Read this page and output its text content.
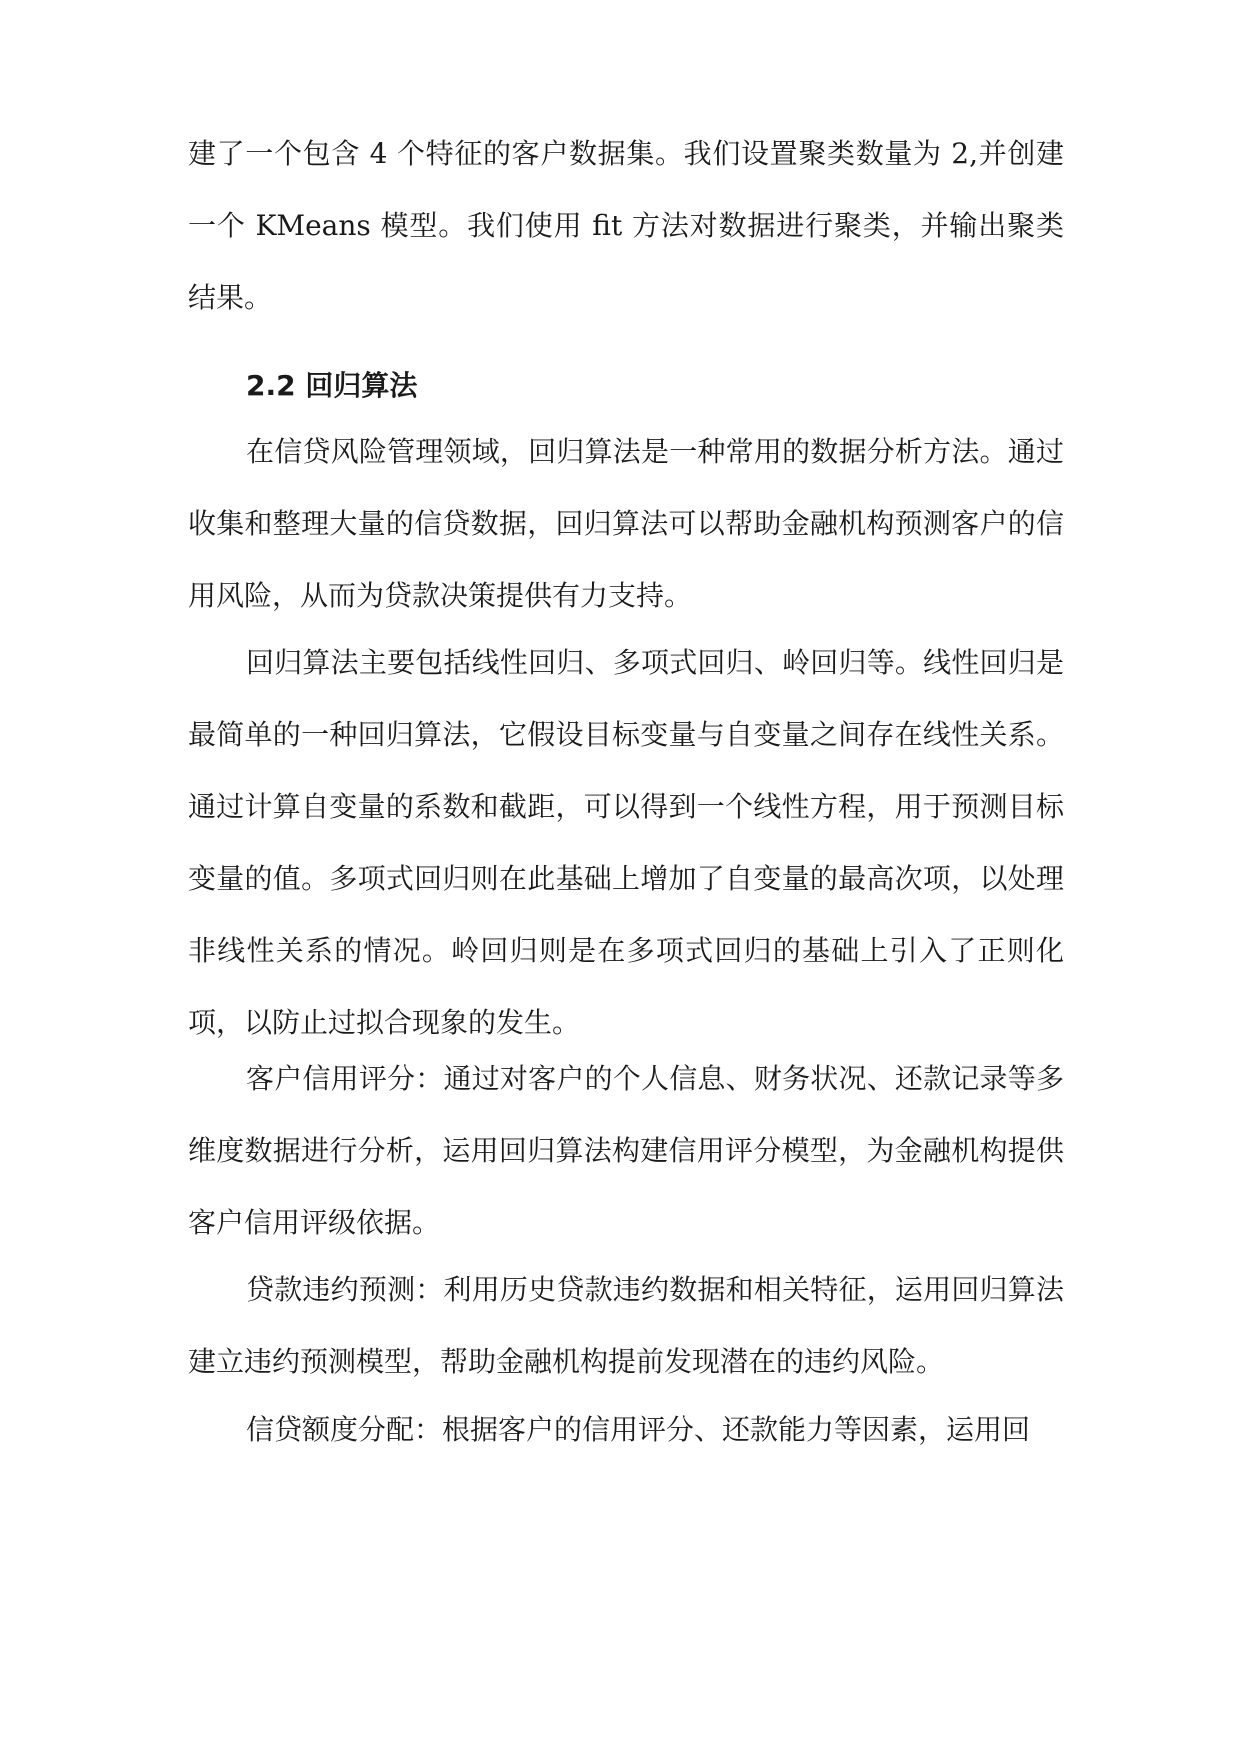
建了一个包含 4 个特征的客户数据集。我们设置聚类数量为 2,并创建一个 KMeans 模型。我们使用 fit 方法对数据进行聚类，并输出聚类结果。

2.2 回归算法

在信贷风险管理领域，回归算法是一种常用的数据分析方法。通过收集和整理大量的信贷数据，回归算法可以帮助金融机构预测客户的信用风险，从而为贷款决策提供有力支持。

回归算法主要包括线性回归、多项式回归、岭回归等。线性回归是最简单的一种回归算法，它假设目标变量与自变量之间存在线性关系。通过计算自变量的系数和截距，可以得到一个线性方程，用于预测目标变量的值。多项式回归则在此基础上增加了自变量的最高次项，以处理非线性关系的情况。岭回归则是在多项式回归的基础上引入了正则化项，以防止过拟合现象的发生。

客户信用评分：通过对客户的个人信息、财务状况、还款记录等多维度数据进行分析，运用回归算法构建信用评分模型，为金融机构提供客户信用评级依据。

贷款违约预测：利用历史贷款违约数据和相关特征，运用回归算法建立违约预测模型，帮助金融机构提前发现潜在的违约风险。

信贷额度分配：根据客户的信用评分、还款能力等因素，运用回
